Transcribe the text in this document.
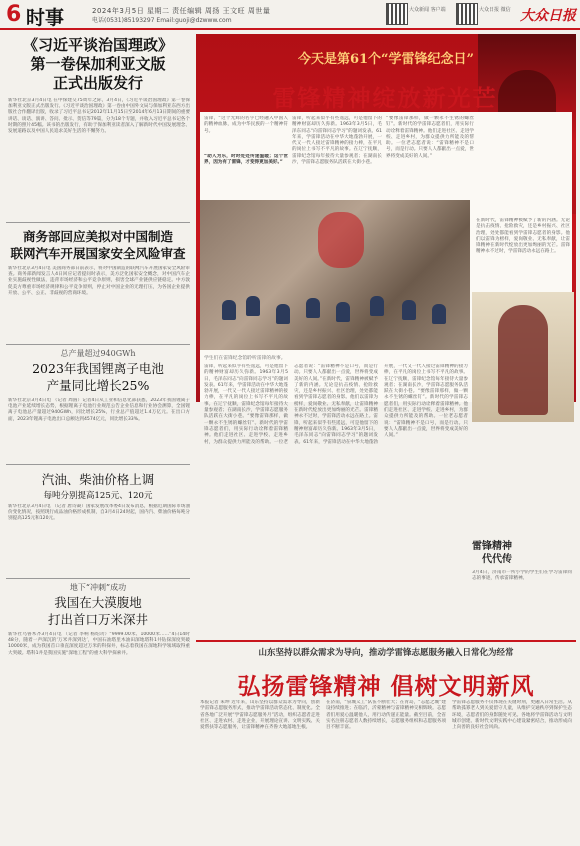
6 时事	2024年3月5日 星期二 责任编辑 周扬 王文旺 周世量
电话(0531)85193297 Email:guoji@dzwww.com
大众新闻 客户端	大众日报 微信 大众日报
《习近平谈治国理政》
第一卷保加利亚文版
正式出版发行
新华社北京3月4日电 在中保建交75周年之际，3月4日，《习近平谈治国理政》第一卷保加利亚文版正式出版发行。《习近平谈治国理政》第一卷由中国外文局与保加利亚东西方出版社合作翻译出版，收录了习近平总书记2012年11月15日至2014年6月13日期间的重要讲话、谈话、演讲、答问、批示、贺信等79篇，分为18个专题，并收入习近平总书记各个时期的照片45幅。该书的出版发行，有助于保加利亚读者深入了解新时代中国发展理念、发展道路以及中国人民追求美好生活的不懈努力。
商务部回应美拟对中国制造
联网汽车开展国家安全风险审查
新华社北京3月4日电 美国商务部日前表示，将对中国制造的联网汽车开展国家安全风险审查。商务部新闻发言人4日回应记者提问时表示，美方泛化国家安全概念，对中国汽车企业实施歧视性做法，违背市场经济和公平竞争原则，损害全球产业链供应链稳定。中方敦促美方尊重市场经济规律和公平竞争原则，停止对中国企业的无理打压，为各国企业提供开放、公平、公正、非歧视的营商环境。
总产量超过940GWh
2023年我国锂离子电池
产量同比增长25%
新华社北京3月4日电 （记者 周圆）记者4日从工业和信息化部获悉，2023年我国锂离子电池产业延续增长态势，根据锂离子电池行业规范公告企业信息和行业协会测算，全国锂离子电池总产量超过940GWh，同比增长25%，行业总产值超过1.4万亿元。在出口方面，2023年锂离子电池出口总额达到4574亿元，同比增长33%。
汽油、柴油价格上调
每吨分别提高125元、120元
新华社北京3月4日电 （记者 唐诗凝）国家发展改革委4日发布消息，根据近期国际市场油价变化情况，按照现行成品油价格形成机制，自3月4日24时起，国内汽、柴油价格每吨分别提高125元和120元。
地下“冲刺”成功
我国在大漠腹地
打出首口万米深井
新华社乌鲁木齐3月4日电 （记者 李响 杨绍功）“9999.00米、10000米……”4日14时48分，随着一声深沉的‘万米井深到达’，中国石油塔里木油田深地塔科1井钻探深度突破10000米，成为我国首口垂直深度超过万米的科探井，标志着我国在深地科学领域取得重大突破。塔科1井是我国实施“深地工程”的重大科学探索井。
今天是第61个“学雷锋纪念日”
雷锋精神绽放新光芒
雷锋，“这个光辉的名字已经融入中国人的精神血脉，成为中华民族的一个精神符号。
“助人为乐，时时处处传递温暖；这个世界，因为有了雷锋，才变得更加美好。”
雷锋，听起来似乎有些遥远，可是他留下的精神财富却历久弥新。1963年3月5日，毛泽东同志“向雷锋同志学习”的题词发表。61年来，学雷锋活动在中华大地蓬勃开展，一代又一代人接过雷锋精神的接力棒，在平凡的岗位上书写不平凡的故事。在辽宁抚顺，雷锋纪念馆每年接待大量参观者；在湖南长沙，学雷锋志愿服务队活跃在大街小巷。
“要像雷锋那样，做一颗永不生锈的螺丝钉”。新时代的学雷锋志愿者们，用实际行动诠释着雷锋精神。他们走进社区、走进学校、走进乡村，为群众提供力所能及的帮助。一位老志愿者说：“雷锋精神不是口号，而是行动。只要人人都献出一点爱，世界将变成美好的人间。”
在新时代，雷锋精神被赋予了新的内涵。无论是抗击疫情、抢险救灾，还是乡村振兴、社区治理，处处都能看到学雷锋志愿者的身影。他们以雷锋为榜样，爱岗敬业、无私奉献，让雷锋精神在新时代绽放出更加绚丽的光芒。雷锋精神永不过时，学雷锋活动永远在路上。
学生们在雷锋纪念馆聆听雷锋的故事。
雷锋，听起来似乎有些遥远，可是他留下的精神财富却历久弥新。1963年3月5日，毛泽东同志“向雷锋同志学习”的题词发表。61年来，学雷锋活动在中华大地蓬勃开展，一代又一代人接过雷锋精神的接力棒，在平凡的岗位上书写不平凡的故事。在辽宁抚顺，雷锋纪念馆每年接待大量参观者；在湖南长沙，学雷锋志愿服务队活跃在大街小巷。“要像雷锋那样，做一颗永不生锈的螺丝钉”。新时代的学雷锋志愿者们，用实际行动诠释着雷锋精神。他们走进社区、走进学校、走进乡村，为群众提供力所能及的帮助。一位老志愿者说：“雷锋精神不是口号，而是行动。只要人人都献出一点爱，世界将变成美好的人间。”在新时代，雷锋精神被赋予了新的内涵。无论是抗击疫情、抢险救灾，还是乡村振兴、社区治理，处处都能看到学雷锋志愿者的身影。他们以雷锋为榜样，爱岗敬业、无私奉献，让雷锋精神在新时代绽放出更加绚丽的光芒。雷锋精神永不过时，学雷锋活动永远在路上。雷锋，听起来似乎有些遥远，可是他留下的精神财富却历久弥新。1963年3月5日，毛泽东同志“向雷锋同志学习”的题词发表。61年来，学雷锋活动在中华大地蓬勃开展，一代又一代人接过雷锋精神的接力棒，在平凡的岗位上书写不平凡的故事。在辽宁抚顺，雷锋纪念馆每年接待大量参观者；在湖南长沙，学雷锋志愿服务队活跃在大街小巷。“要像雷锋那样，做一颗永不生锈的螺丝钉”。新时代的学雷锋志愿者们，用实际行动诠释着雷锋精神。他们走进社区、走进学校、走进乡村，为群众提供力所能及的帮助。一位老志愿者说：“雷锋精神不是口号，而是行动。只要人人都献出一点爱，世界将变成美好的人间。”
雷锋精神
代代传
3月4日，济南市一所小学的学生们在学习雷锋同志的事迹，传承雷锋精神。
山东坚持以群众需求为导向，推动学雷锋志愿服务融入日常化为经常
弘扬雷锋精神 倡树文明新风
本报记者 朱坤 近年来，山东坚持以群众需求为导向，创新学雷锋志愿服务形式，推动学雷锋活动常态化、制度化。全省各地广泛开展“学雷锋志愿服务月”活动，组织志愿者走进社区、走进农村、走进企业，开展理论宣讲、文明实践、关爱帮扶等志愿服务，让雷锋精神在齐鲁大地落地生根。
在济南，“泉城义工”队伍不断壮大；在青岛，“志愿之城”建设持续推进；在临沂，沂蒙精神与雷锋精神交相辉映。志愿者们用爱心温暖他人，用行动传递正能量。截至目前，全省实名注册志愿者人数持续增长，志愿服务组织和志愿服务项目不断丰富。
学雷锋志愿服务不仅体现在关键时刻，更融入日常生活。从帮助孤寡老人到关爱留守儿童，从维护交通秩序到保护生态环境，志愿者们的身影随处可见。各地将学雷锋活动与文明城市创建、新时代文明实践中心建设紧密结合，推动形成向上向善的良好社会风尚。
